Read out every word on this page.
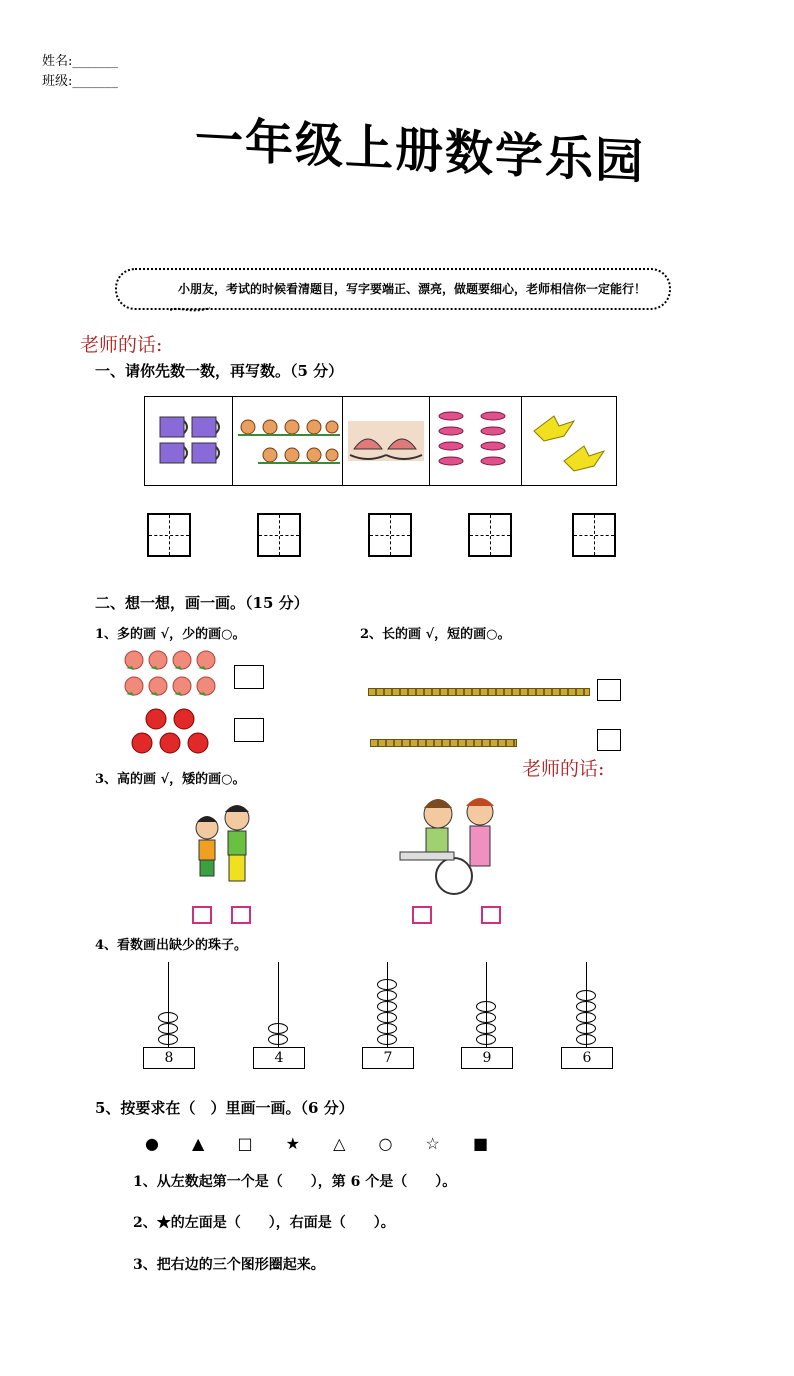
姓名:_______
班级:_______
一年级上册数学乐园
小朋友，考试的时候看清题目，写字要端正、漂亮，做题要细心，老师相信你一定能行！
老师的话:
一、请你先数一数，再写数。（5 分）
二、想一想，画一画。（15 分）
1、多的画 √，少的画○。	2、长的画 √，短的画○。
老师的话:
3、高的画 √，矮的画○。
4、看数画出缺少的珠子。
8	4	7	9	6
5、按要求在（　）里画一画。（6 分）
● ▲ □ ★ △ ○ ☆ ■
1、从左数起第一个是（　　），第 6 个是（　　）。
2、★的左面是（　　），右面是（　　）。
3、把右边的三个图形圈起来。
